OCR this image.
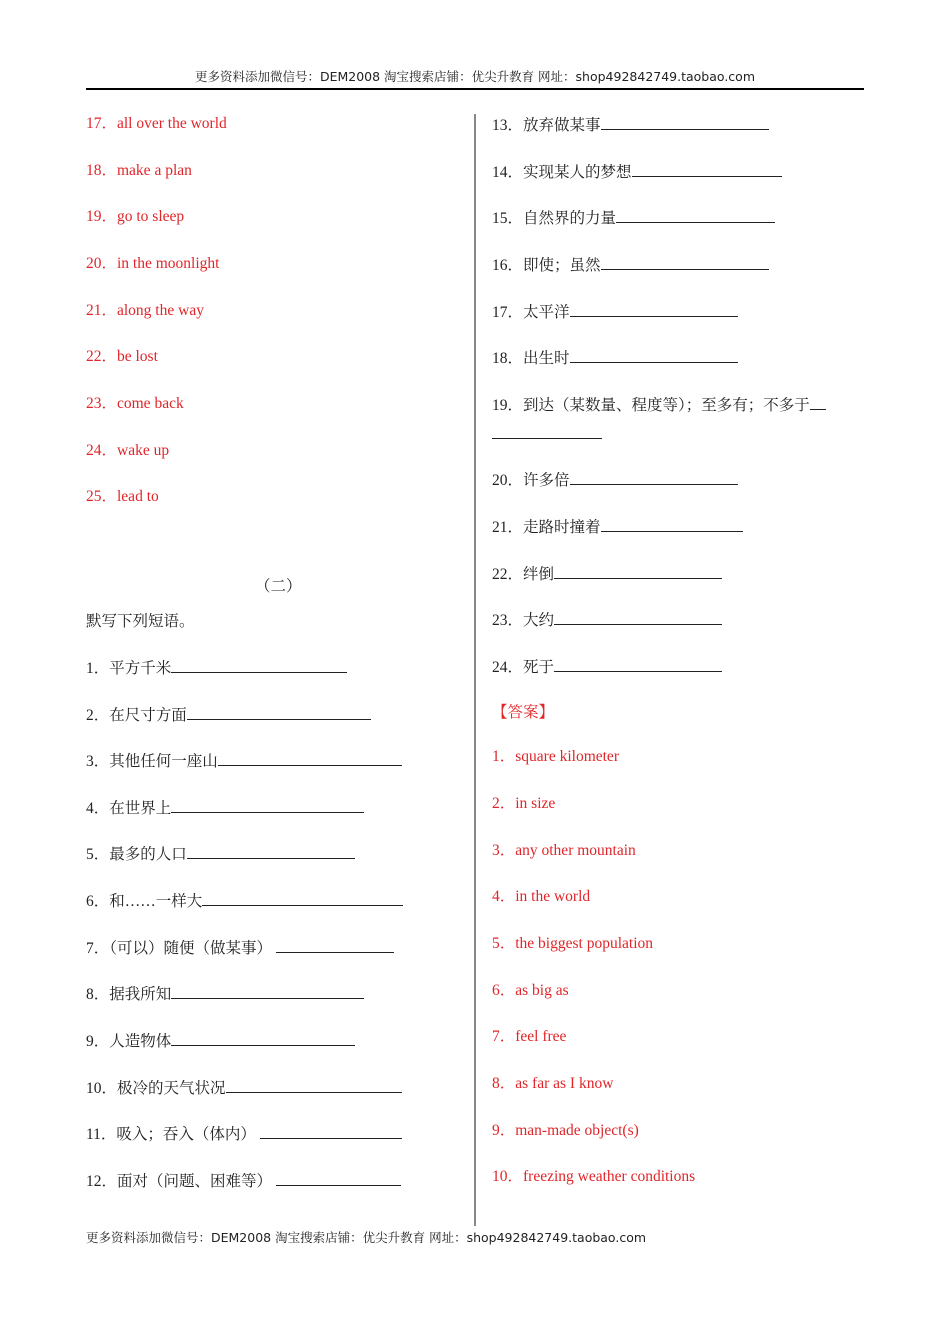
更多资料添加微信号：DEM2008 淘宝搜索店铺：优尖升教育 网址：shop492842749.taobao.com
17．all over the world
18．make a plan
19．go to sleep
20．in the moonlight
21．along the way
22．be lost
23．come back
24．wake up
25．lead to
默写下列短语。
1．平方千米
2．在尺寸方面
3．其他任何一座山
4．在世界上
5．最多的人口
6．和……一样大
7．（可以）随便（做某事）
8．据我所知
9．人造物体
10．极冷的天气状况
11．吸入；吞入（体内）
12．面对（问题、困难等）
（二）
13．放弃做某事
14．实现某人的梦想
15．自然界的力量
16．即使；虽然
17．太平洋
18．出生时
19．到达（某数量、程度等）；至多有；不多于
20．许多倍
21．走路时撞着
22．绊倒
23．大约
24．死于
【答案】
1．square kilometer
2．in size
3．any other mountain
4．in the world
5．the biggest population
6．as big as
7．feel free
8．as far as I know
9．man-made object(s)
10．freezing weather conditions
更多资料添加微信号：DEM2008 淘宝搜索店铺：优尖升教育 网址：shop492842749.taobao.com
